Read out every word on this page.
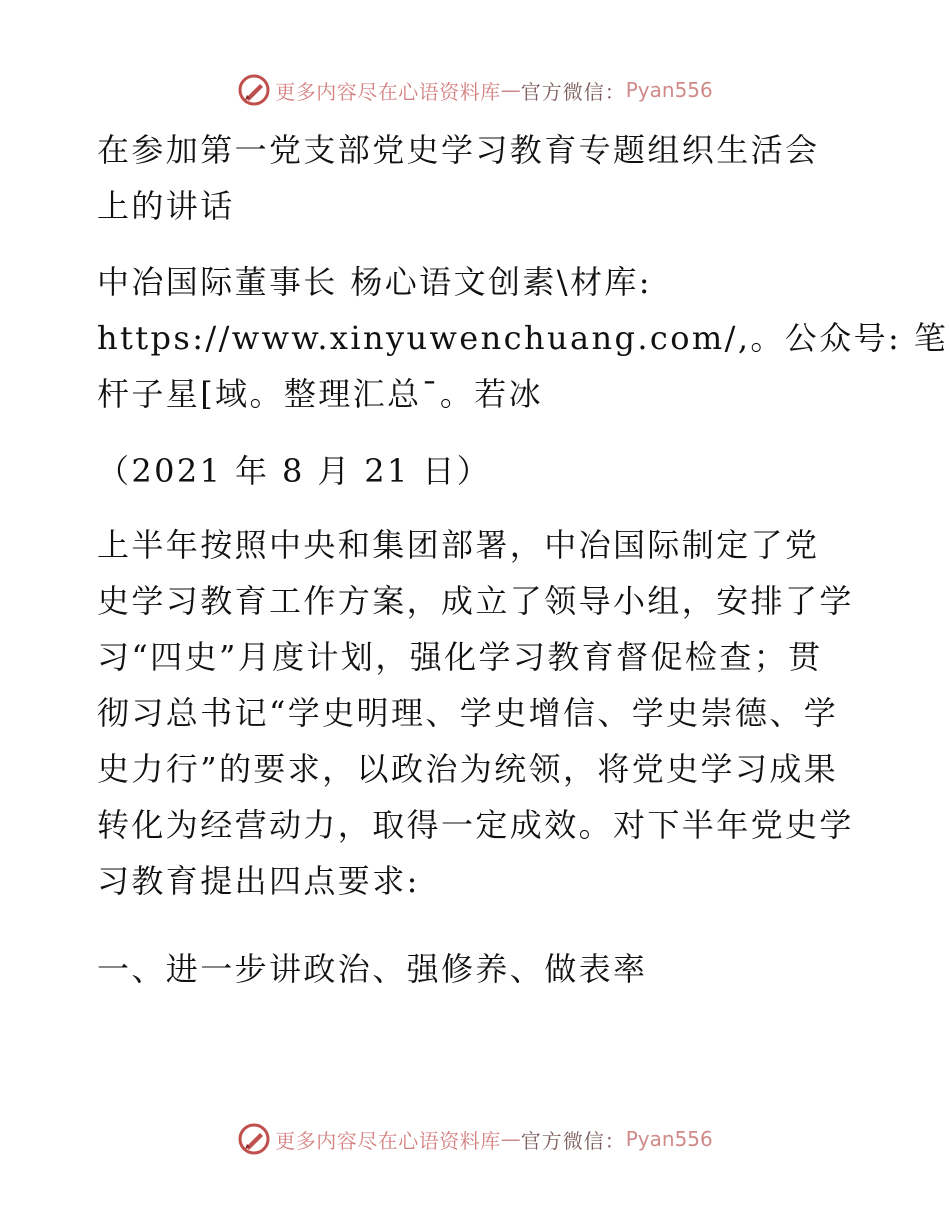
更多内容尽在心语资料库 — 官方微信： Pyan556
在参加第一党支部党史学习教育专题组织生活会
上的讲话
中冶国际董事长 杨心语文创素\材库:
https://www.xinyuwenchuang.com/,。公众号: 笔
杆子星[域。整理汇总¯。若冰
（2021 年 8 月 21 日）
上半年按照中央和集团部署，中冶国际制定了党
史学习教育工作方案，成立了领导小组，安排了学
习“四史”月度计划，强化学习教育督促检查；贯
彻习总书记“学史明理、学史增信、学史崇德、学
史力行”的要求，以政治为统领，将党史学习成果
转化为经营动力，取得一定成效。对下半年党史学
习教育提出四点要求:
一、进一步讲政治、强修养、做表率
更多内容尽在心语资料库 — 官方微信： Pyan556
